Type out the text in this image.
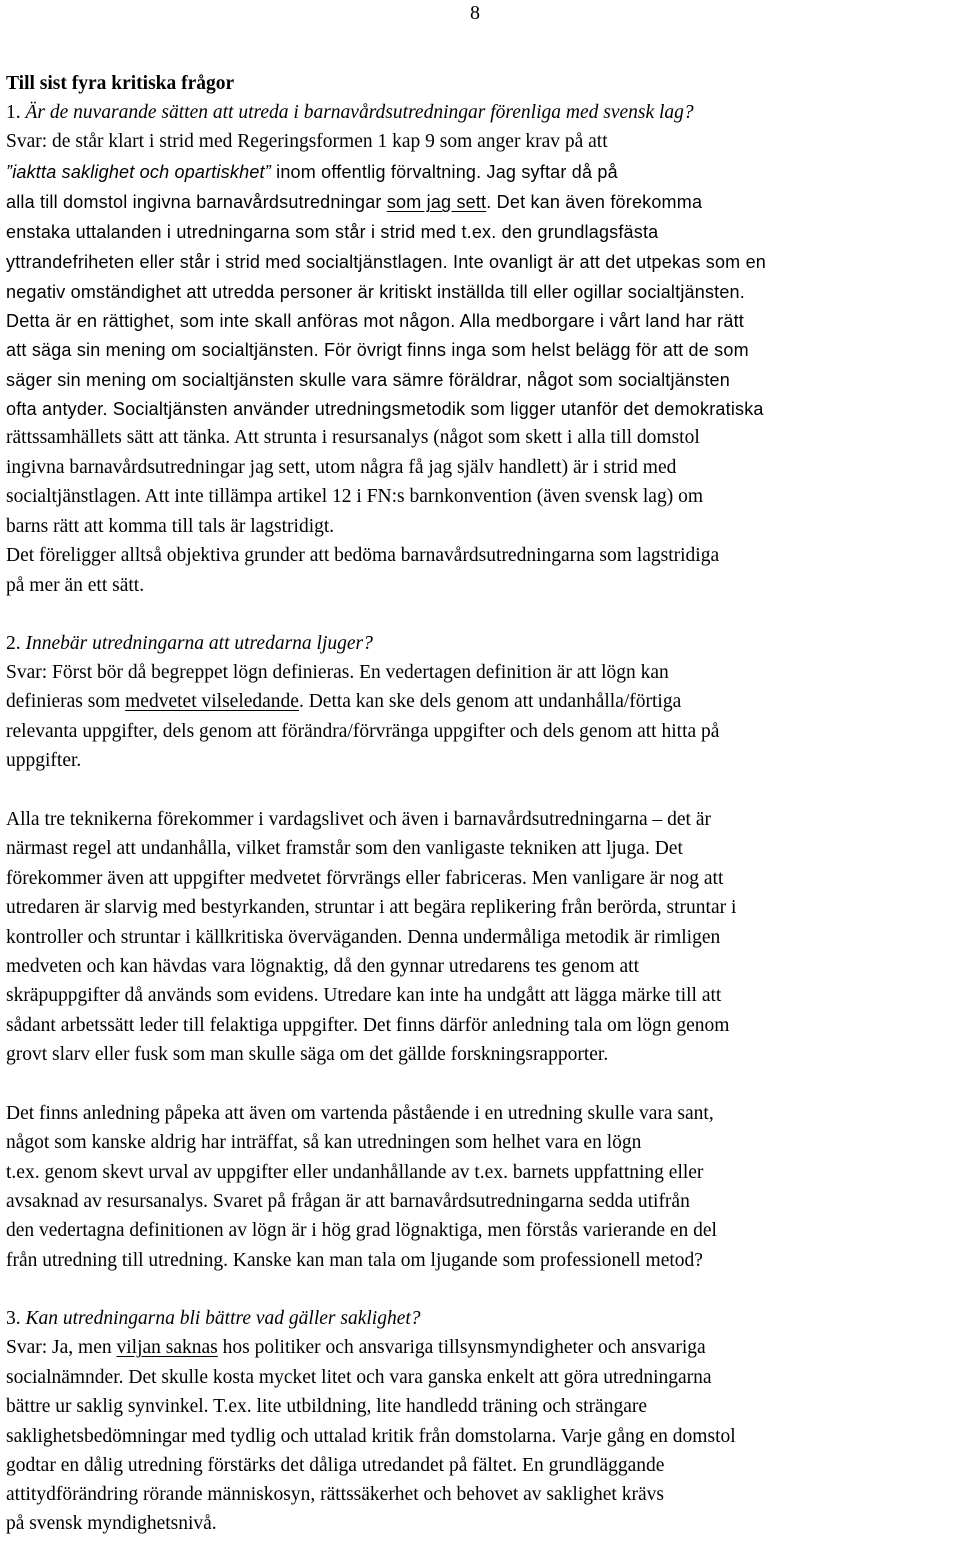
8
Till sist fyra kritiska frågor
1. Är de nuvarande sätten att utreda i barnavårdsutredningar förenliga med svensk lag?
Svar: de står klart i strid med Regeringsformen 1 kap 9 som anger krav på att
”iaktta saklighet och opartiskhet” inom offentlig förvaltning. Jag syftar då på
alla till domstol ingivna barnavårdsutredningar som jag sett. Det kan även förekomma
enstaka uttalanden i utredningarna som står i strid med t.ex. den grundlagsfästa
yttrandefriheten eller står i strid med socialtjänstlagen. Inte ovanligt är att det utpekas som en
negativ omständighet att utredda personer är kritiskt inställda till eller ogillar socialtjänsten.
Detta är en rättighet, som inte skall anföras mot någon. Alla medborgare i vårt land har rätt
att säga sin mening om socialtjänsten. För övrigt finns inga som helst belägg för att de som
säger sin mening om socialtjänsten skulle vara sämre föräldrar, något som socialtjänsten
ofta antyder. Socialtjänsten använder utredningsmetodik som ligger utanför det demokratiska
rättssamhällets sätt att tänka. Att strunta i resursanalys (något som skett i alla till domstol
ingivna barnavårdsutredningar jag sett, utom några få jag själv handlett) är i strid med
socialtjänstlagen. Att inte tillämpa artikel 12 i FN:s barnkonvention (även svensk lag) om
barns rätt att komma till tals är lagstridigt.
Det föreligger alltså objektiva grunder att bedöma barnavårdsutredningarna som lagstridiga
på mer än ett sätt.
2. Innebär utredningarna att utredarna ljuger?
Svar: Först bör då begreppet lögn definieras. En vedertagen definition är att lögn kan
definieras som medvetet vilseledande. Detta kan ske dels genom att undanhålla/förtiga
relevanta uppgifter, dels genom att förändra/förvränga uppgifter och dels genom att hitta på
uppgifter.
Alla tre teknikerna förekommer i vardagslivet och även i barnavårdsutredningarna – det är
närmast regel att undanhålla, vilket framstår som den vanligaste tekniken att ljuga. Det
förekommer även att uppgifter medvetet förvrängs eller fabriceras. Men vanligare är nog att
utredaren är slarvig med bestyrkanden, struntar i att begära replikering från berörda, struntar i
kontroller och struntar i källkritiska överväganden. Denna undermåliga metodik är rimligen
medveten och kan hävdas vara lögnaktig, då den gynnar utredarens tes genom att
skräpuppgifter då används som evidens. Utredare kan inte ha undgått att lägga märke till att
sådant arbetssätt leder till felaktiga uppgifter. Det finns därför anledning tala om lögn genom
grovt slarv eller fusk som man skulle säga om det gällde forskningsrapporter.
Det finns anledning påpeka att även om vartenda påstående i en utredning skulle vara sant,
något som kanske aldrig har inträffat, så kan utredningen som helhet vara en lögn
t.ex. genom skevt urval av uppgifter eller undanhållande av t.ex. barnets uppfattning eller
avsaknad av resursanalys. Svaret på frågan är att barnavårdsutredningarna sedda utifrån
den vedertagna definitionen av lögn är i hög grad lögnaktiga, men förstås varierande en del
från utredning till utredning. Kanske kan man tala om ljugande som professionell metod?
3. Kan utredningarna bli bättre vad gäller saklighet?
Svar: Ja, men viljan saknas hos politiker och ansvariga tillsynsmyndigheter och ansvariga
socialnämnder. Det skulle kosta mycket litet och vara ganska enkelt att göra utredningarna
bättre ur saklig synvinkel. T.ex. lite utbildning, lite handledd träning och strängare
saklighetsbedömningar med tydlig och uttalad kritik från domstolarna. Varje gång en domstol
godtar en dålig utredning förstärks det dåliga utredandet på fältet. En grundläggande
attitydförändring rörande människosyn, rättssäkerhet och behovet av saklighet krävs
på svensk myndighetsnivå.
